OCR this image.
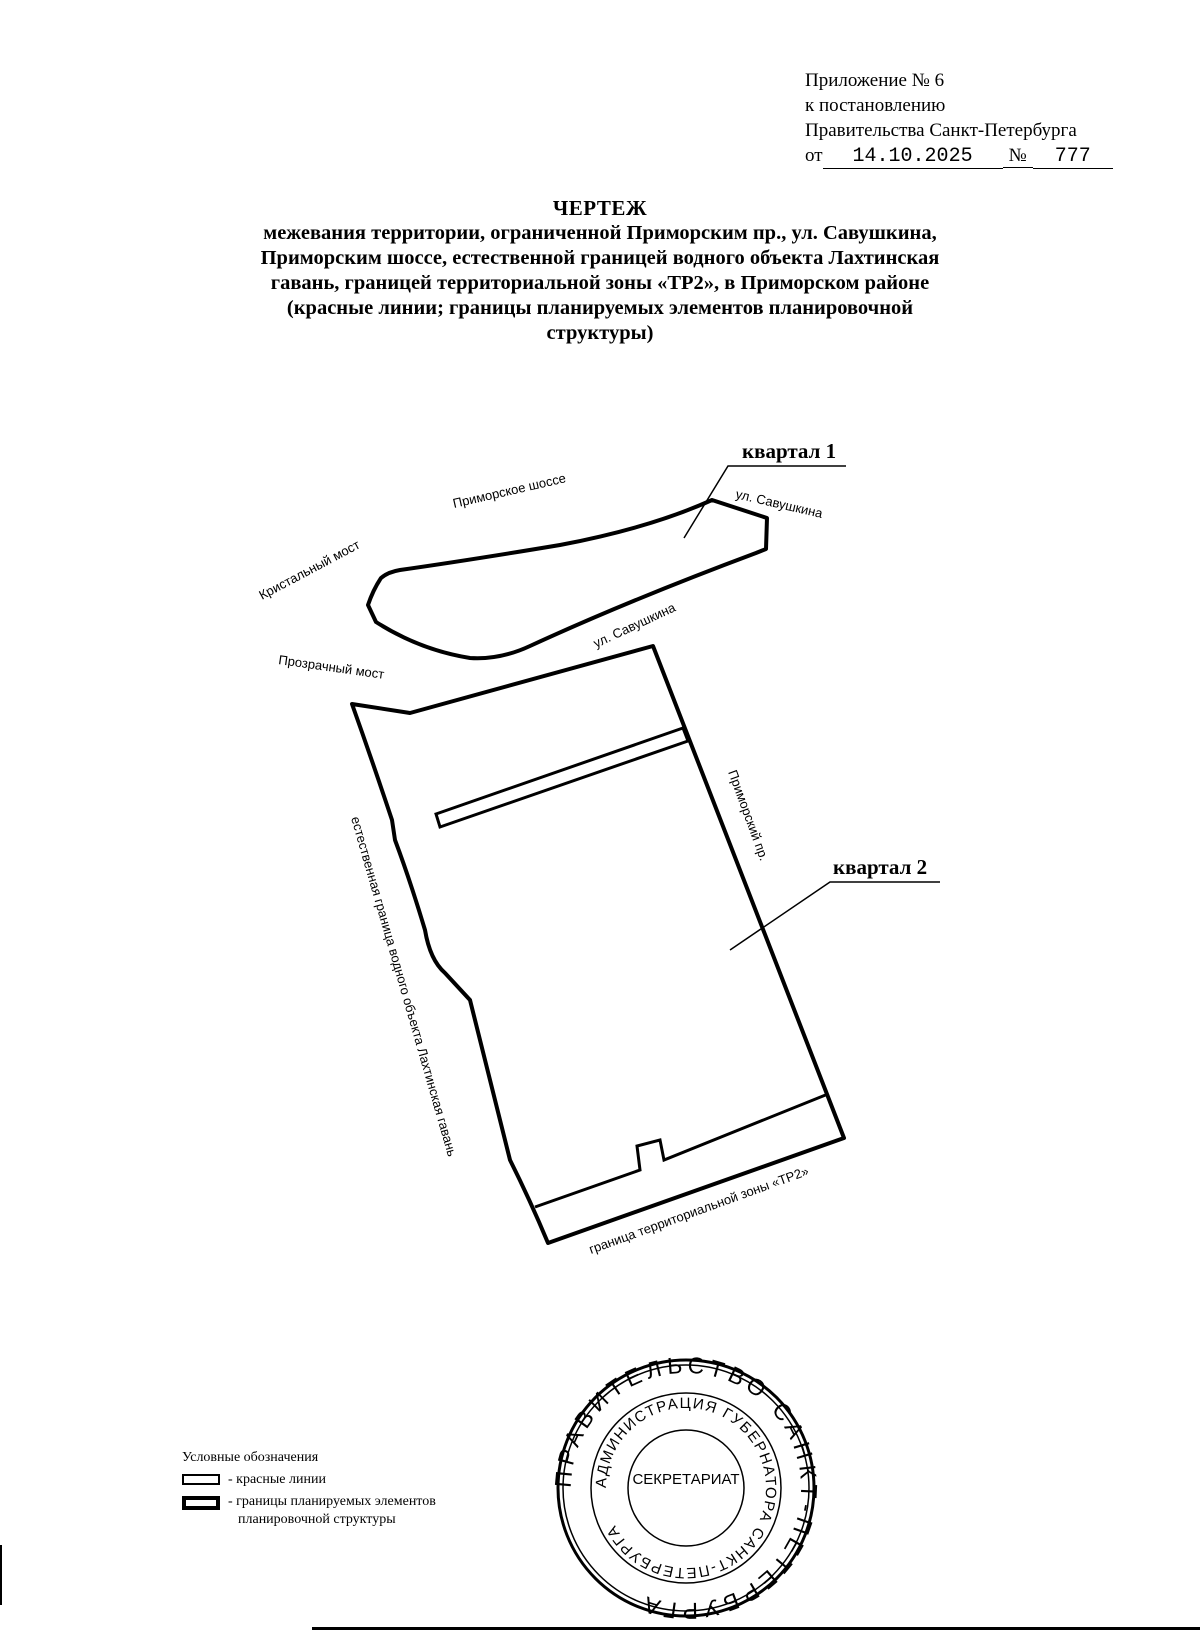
Приложение № 6
к постановлению
Правительства Санкт-Петербурга
от	14.10.2025	№	777
ЧЕРТЕЖ
межевания территории, ограниченной Приморским пр., ул. Савушкина,
Приморским шоссе, естественной границей водного объекта Лахтинская
гавань, границей территориальной зоны «ТР2», в Приморском районе
(красные линии; границы планируемых элементов планировочной
структуры)
квартал 1
квартал 2
Приморское шоссе	ул. Савушкина
Кристальный мост
ул. Савушкина
Прозрачный мост
Приморский пр.
естественная граница водного объекта Лахтинская гавань
граница территориальной зоны «ТР2»
ПРАВИТЕЛЬСТВО САНКТ-ПЕТЕРБУРГА
АДМИНИСТРАЦИЯ ГУБЕРНАТОРА САНКТ-ПЕТЕРБУРГА
СЕКРЕТАРИАТ
Условные обозначения
- красные линии
- границы планируемых элементов
планировочной структуры
